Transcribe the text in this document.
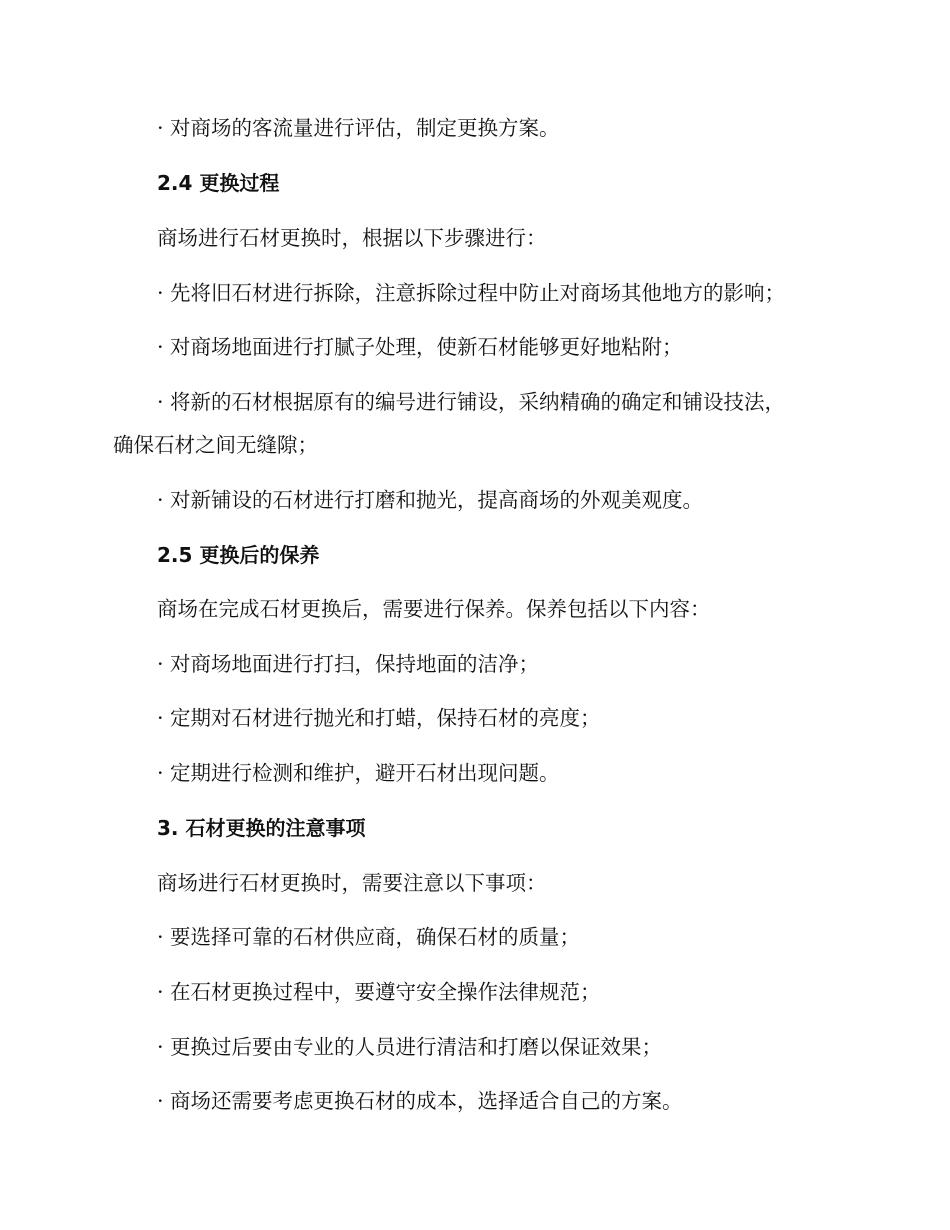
· 对商场的客流量进行评估，制定更换方案。
2.4 更换过程
商场进行石材更换时，根据以下步骤进行：
· 先将旧石材进行拆除，注意拆除过程中防止对商场其他地方的影响；
· 对商场地面进行打腻子处理，使新石材能够更好地粘附；
· 将新的石材根据原有的编号进行铺设，采纳精确的确定和铺设技法，
确保石材之间无缝隙；
· 对新铺设的石材进行打磨和抛光，提高商场的外观美观度。
2.5 更换后的保养
商场在完成石材更换后，需要进行保养。保养包括以下内容：
· 对商场地面进行打扫，保持地面的洁净；
· 定期对石材进行抛光和打蜡，保持石材的亮度；
· 定期进行检测和维护，避开石材出现问题。
3. 石材更换的注意事项
商场进行石材更换时，需要注意以下事项：
· 要选择可靠的石材供应商，确保石材的质量；
· 在石材更换过程中，要遵守安全操作法律规范；
· 更换过后要由专业的人员进行清洁和打磨以保证效果；
· 商场还需要考虑更换石材的成本，选择适合自己的方案。
